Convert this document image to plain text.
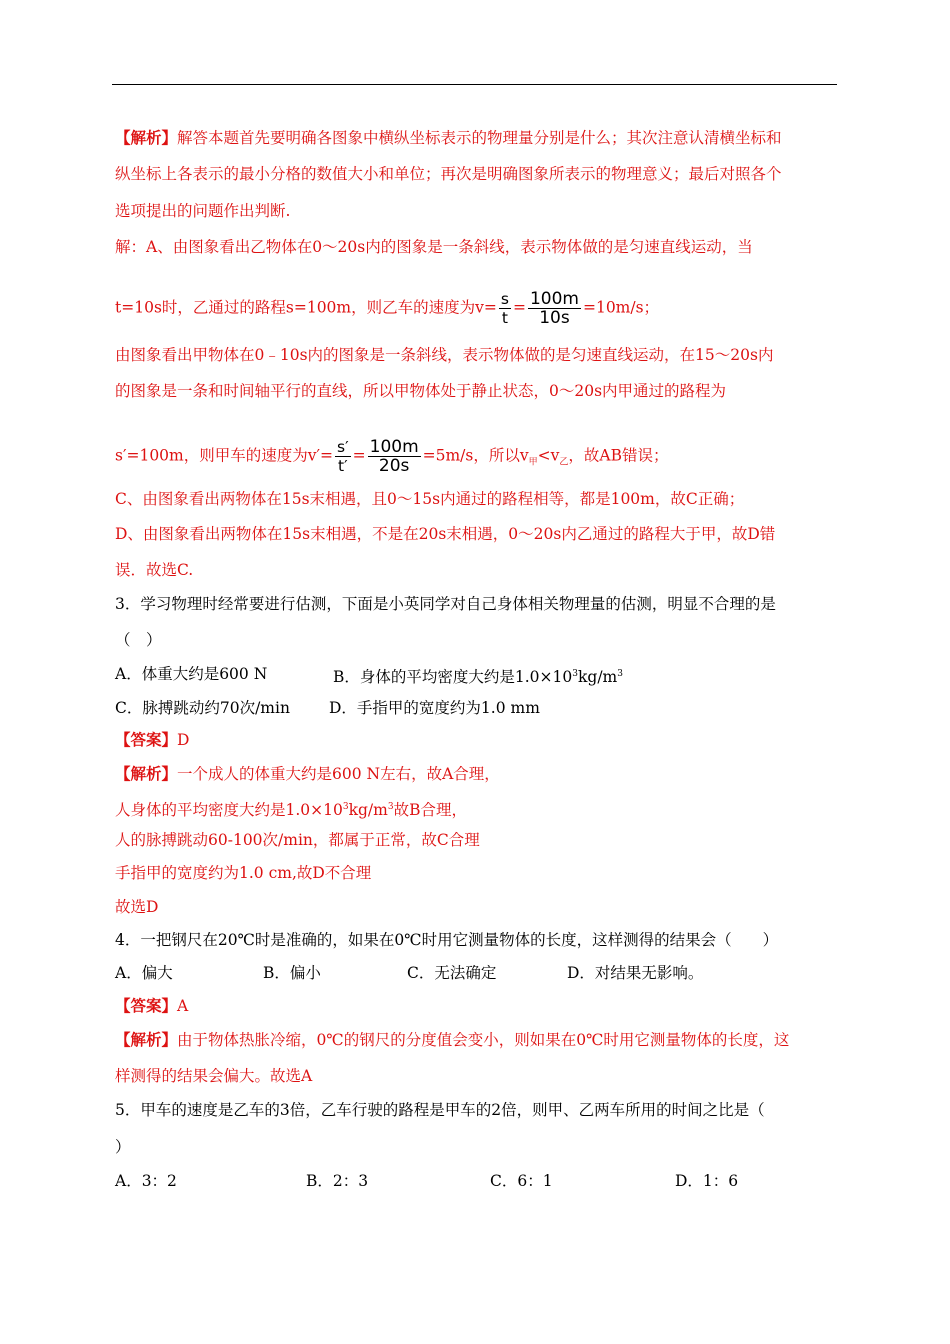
【解析】解答本题首先要明确各图象中横纵坐标表示的物理量分别是什么；其次注意认清横坐标和
纵坐标上各表示的最小分格的数值大小和单位；再次是明确图象所表示的物理意义；最后对照各个
选项提出的问题作出判断.
解：A、由图象看出乙物体在0～20s内的图象是一条斜线，表示物体做的是匀速直线运动，当
t=10s时，乙通过的路程s=100m，则乙车的速度为$v= \frac{s}{t} = \frac{100m}{10s} =10m/s$；
由图象看出甲物体在0﹣10s内的图象是一条斜线，表示物体做的是匀速直线运动，在15～20s内
的图象是一条和时间轴平行的直线，所以甲物体处于静止状态，0～20s内甲通过的路程为
s′=100m，则甲车的速度为$v'= \frac{s'}{t'} = \frac{100m}{20s} =5m/s$，所以$v_甲<v_乙$，故AB错误；
C、由图象看出两物体在15s末相遇，且0～15s内通过的路程相等，都是100m，故C正确；
D、由图象看出两物体在15s末相遇，不是在20s末相遇，0～20s内乙通过的路程大于甲，故D错
误．故选C.
3．学习物理时经常要进行估测，下面是小英同学对自己身体相关物理量的估测，明显不合理的是
（　）
A．体重大约是600 N	B．身体的平均密度大约是$1.0\times 10^3kg/m^3$
C．脉搏跳动约70次/min	D．手指甲的宽度约为1.0 mm
【答案】D
【解析】一个成人的体重大约是600 N左右，故A合理，
人身体的平均密度大约是$1.0\times 10^3kg/m^3$故B合理，
人的脉搏跳动60-100次/min，都属于正常，故C合理
手指甲的宽度约为1.0 cm,故D不合理
故选D
4．一把钢尺在20℃时是准确的，如果在0℃时用它测量物体的长度，这样测得的结果会（　　）
A．偏大	B．偏小	C．无法确定	D．对结果无影响。
【答案】A
【解析】由于物体热胀冷缩，0℃的钢尺的分度值会变小，则如果在0℃时用它测量物体的长度，这
样测得的结果会偏大。故选A
5．甲车的速度是乙车的3倍，乙车行驶的路程是甲车的2倍，则甲、乙两车所用的时间之比是（
）
A．3：2	B．2：3	C．6：1	D．1：6
